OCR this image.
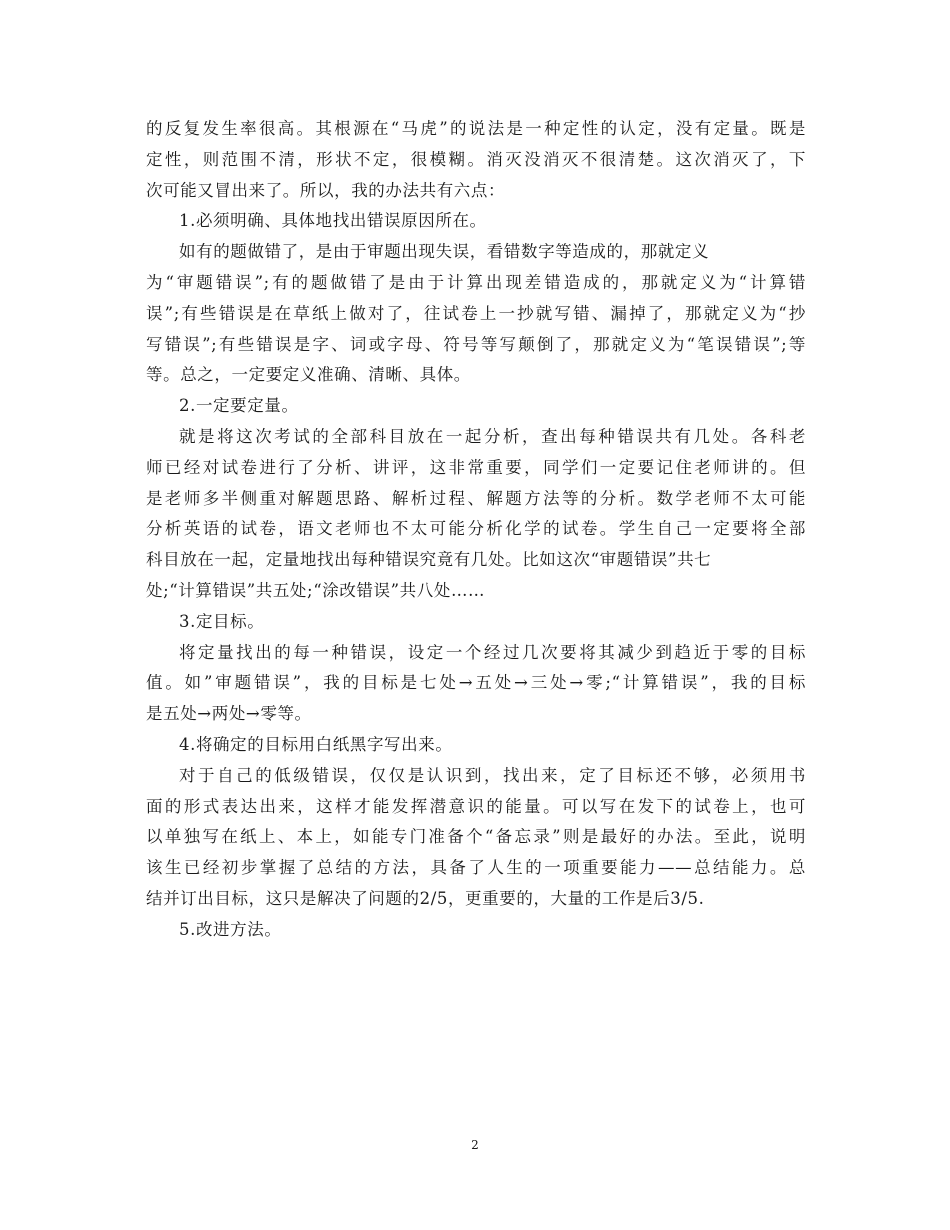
的反复发生率很高。其根源在“马虎”的说法是一种定性的认定，没有定量。既是
定性，则范围不清，形状不定，很模糊。消灭没消灭不很清楚。这次消灭了，下
次可能又冒出来了。所以，我的办法共有六点：
1.必须明确、具体地找出错误原因所在。
如有的题做错了，是由于审题出现失误，看错数字等造成的，那就定义
为“审题错误”;有的题做错了是由于计算出现差错造成的，那就定义为“计算错
误”;有些错误是在草纸上做对了，往试卷上一抄就写错、漏掉了，那就定义为“抄
写错误”;有些错误是字、词或字母、符号等写颠倒了，那就定义为“笔误错误”;等
等。总之，一定要定义准确、清晰、具体。
2.一定要定量。
就是将这次考试的全部科目放在一起分析，查出每种错误共有几处。各科老
师已经对试卷进行了分析、讲评，这非常重要，同学们一定要记住老师讲的。但
是老师多半侧重对解题思路、解析过程、解题方法等的分析。数学老师不太可能
分析英语的试卷，语文老师也不太可能分析化学的试卷。学生自己一定要将全部
科目放在一起，定量地找出每种错误究竟有几处。比如这次“审题错误”共七
处;“计算错误”共五处;“涂改错误”共八处……
3.定目标。
将定量找出的每一种错误，设定一个经过几次要将其减少到趋近于零的目标
值。如”审题错误”，我的目标是七处→五处→三处→零;“计算错误”，我的目标
是五处→两处→零等。
4.将确定的目标用白纸黑字写出来。
对于自己的低级错误，仅仅是认识到，找出来，定了目标还不够，必须用书
面的形式表达出来，这样才能发挥潜意识的能量。可以写在发下的试卷上，也可
以单独写在纸上、本上，如能专门准备个“备忘录”则是最好的办法。至此，说明
该生已经初步掌握了总结的方法，具备了人生的一项重要能力——总结能力。总
结并订出目标，这只是解决了问题的2/5，更重要的，大量的工作是后3/5.
5.改进方法。
2
